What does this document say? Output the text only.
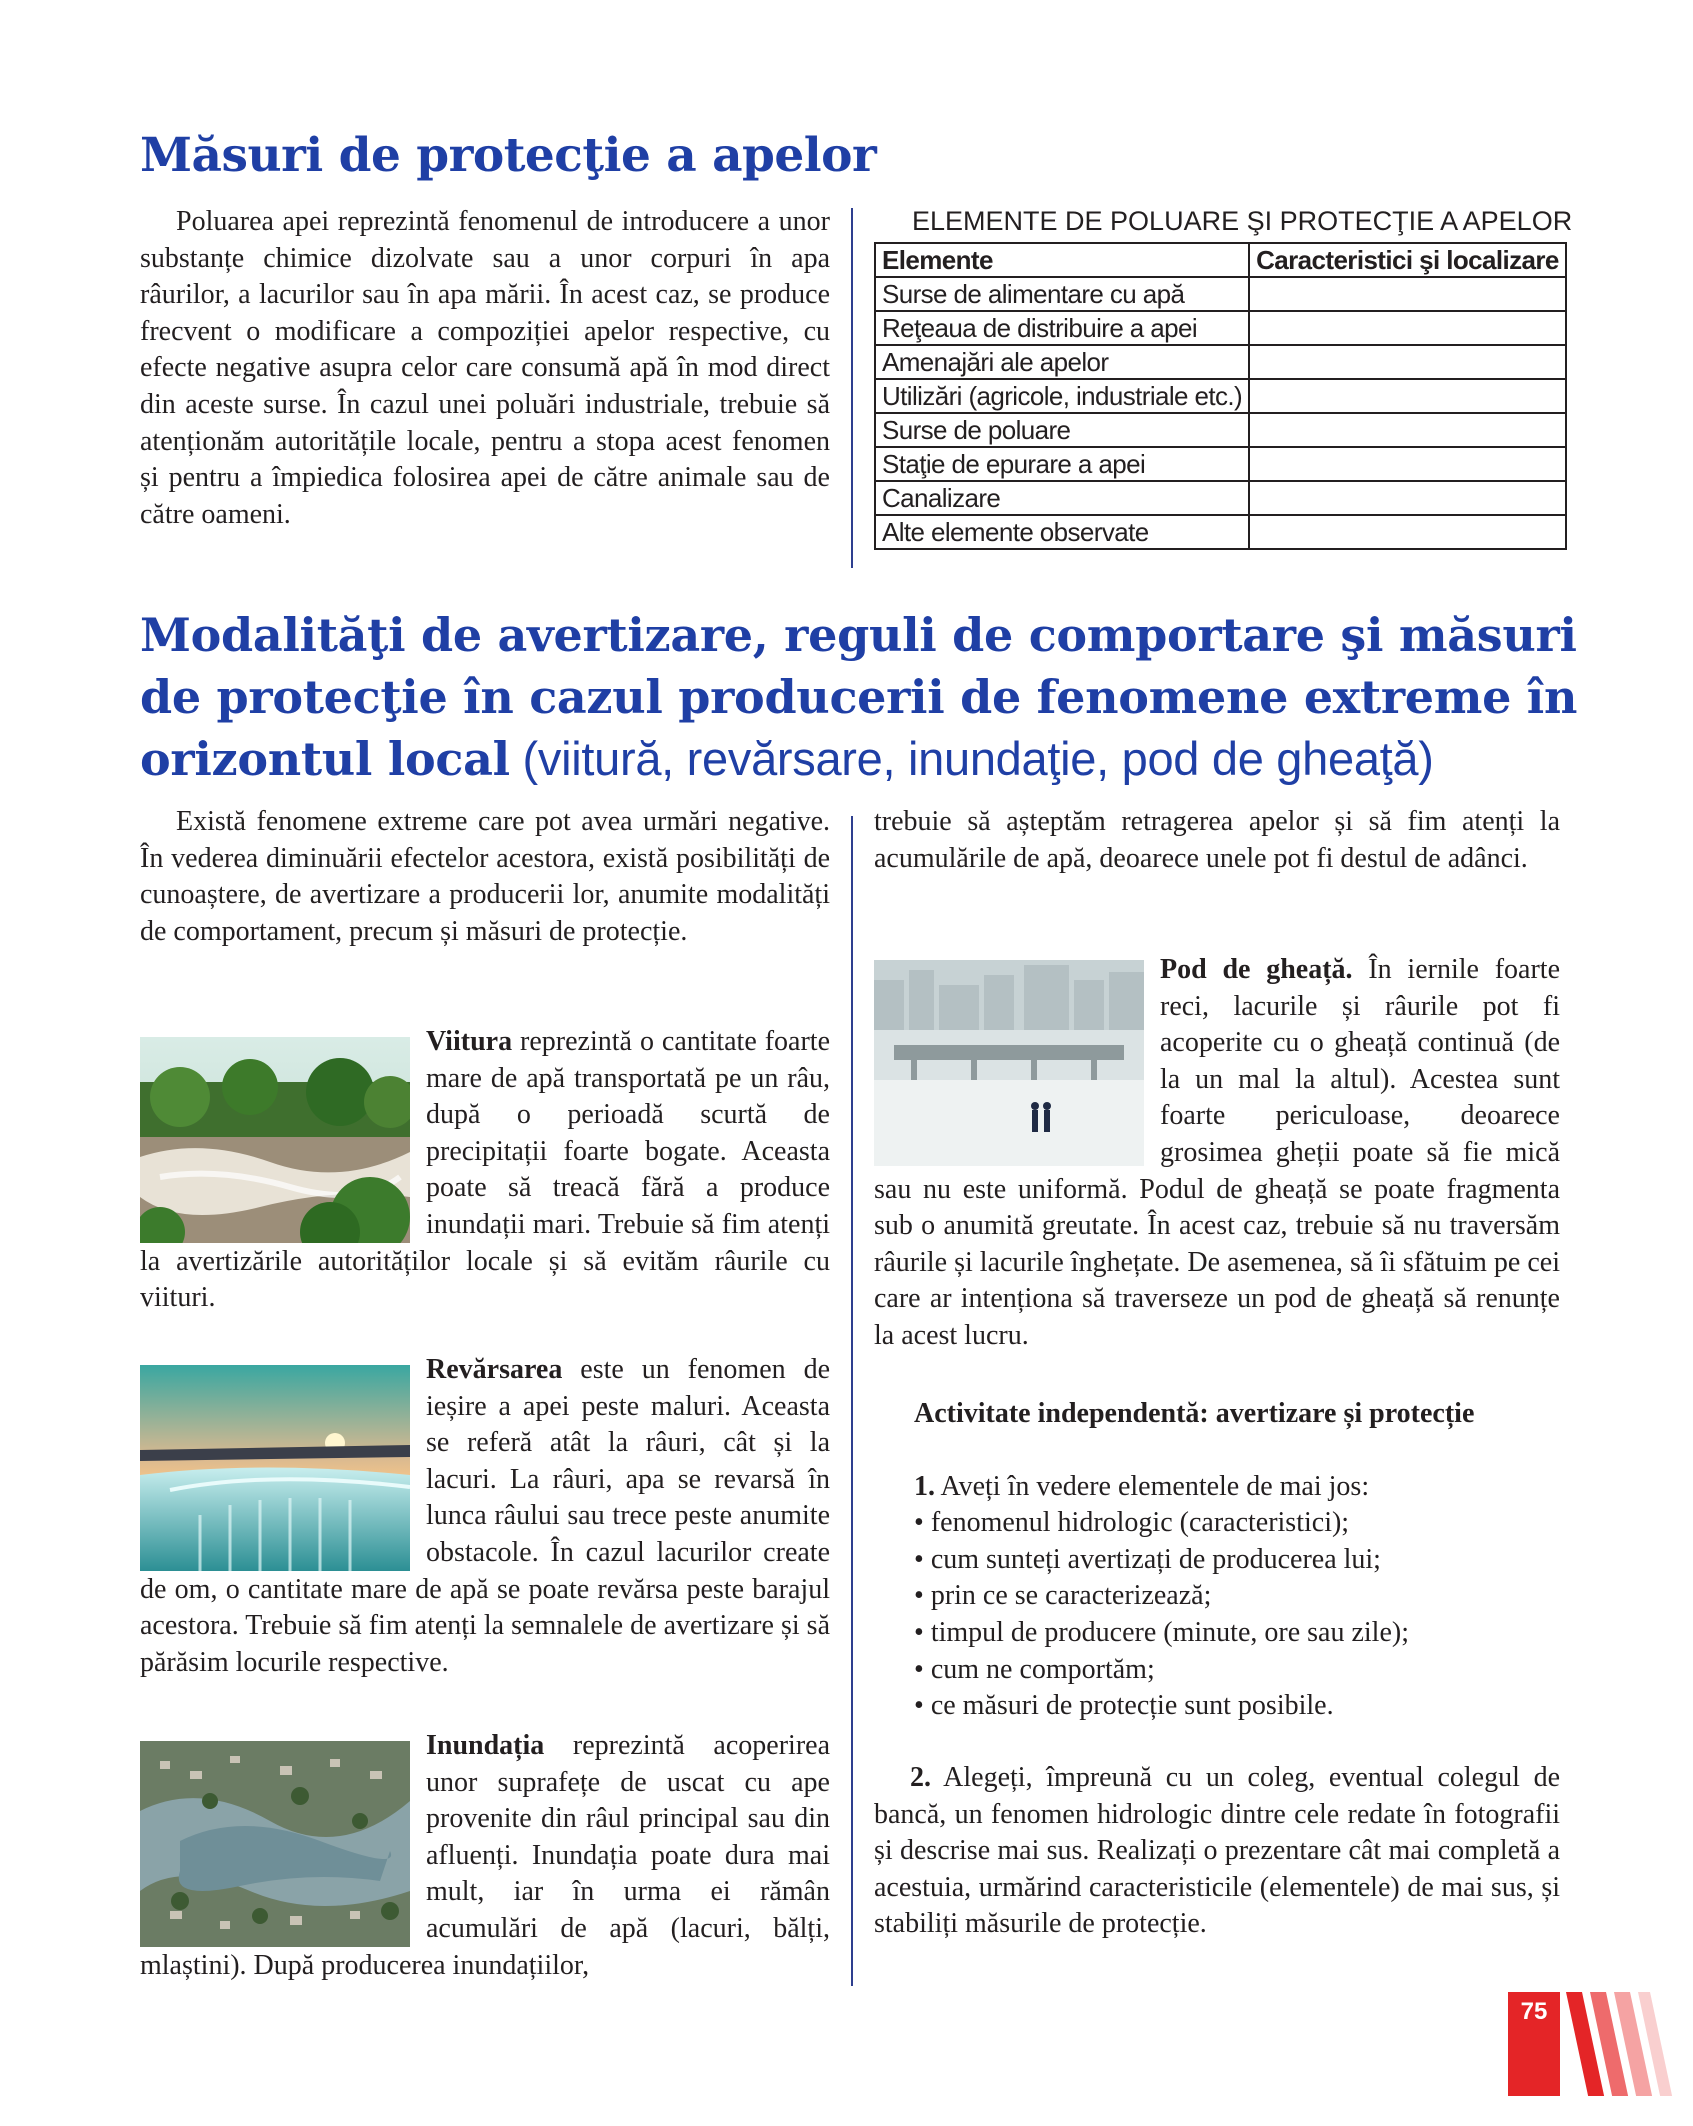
Măsuri de protecţie a apelor

Poluarea apei reprezintă fenomenul de introducere a unor substanțe chimice dizolvate sau a unor corpuri în apa râurilor, a lacurilor sau în apa mării. În acest caz, se produce frecvent o modificare a compoziției apelor respective, cu efecte negative asupra celor care consumă apă în mod direct din aceste surse. În cazul unei poluări industriale, trebuie să atenționăm autoritățile locale, pentru a stopa acest fenomen și pentru a împiedica folosirea apei de către animale sau de către oameni.

ELEMENTE DE POLUARE ŞI PROTECŢIE A APELOR
Elemente	Caracteristici şi localizare
Surse de alimentare cu apă	
Reţeaua de distribuire a apei	
Amenajări ale apelor	
Utilizări (agricole, industriale etc.)	
Surse de poluare	
Staţie de epurare a apei	
Canalizare	
Alte elemente observate	
Modalităţi de avertizare, reguli de comportare şi măsuri de protecţie în cazul producerii de fenomene extreme în orizontul local (viitură, revărsare, inundaţie, pod de gheaţă)

Există fenomene extreme care pot avea urmări negative. În vederea diminuării efectelor acestora, există posibilități de cunoaștere, de avertizare a producerii lor, anumite modalități de comportament, precum și măsuri de protecție.

Viitura reprezintă o cantitate foarte mare de apă transportată pe un râu, după o perioadă scurtă de precipitații foarte bogate. Aceasta poate să treacă fără a produce inundații mari. Trebuie să fim atenți la avertizările autorităților locale și să evităm râurile cu viituri.

Revărsarea este un fenomen de ieșire a apei peste maluri. Aceasta se referă atât la râuri, cât și la lacuri. La râuri, apa se revarsă în lunca râului sau trece peste anumite obstacole. În cazul lacurilor create de om, o cantitate mare de apă se poate revărsa peste barajul acestora. Trebuie să fim atenți la semnalele de avertizare și să părăsim locurile respective.

Inundația reprezintă acoperirea unor suprafețe de uscat cu ape provenite din râul principal sau din afluenți. Inundația poate dura mai mult, iar în urma ei rămân acumulări de apă (lacuri, bălți, mlaștini). După producerea inundațiilor,

trebuie să așteptăm retragerea apelor și să fim atenți la acumulările de apă, deoarece unele pot fi destul de adânci.

Pod de gheață. În iernile foarte reci, lacurile și râurile pot fi acoperite cu o gheață continuă (de la un mal la altul). Acestea sunt foarte periculoase, deoarece grosimea gheții poate să fie mică sau nu este uniformă. Podul de gheață se poate fragmenta sub o anumită greutate. În acest caz, trebuie să nu traversăm râurile și lacurile înghețate. De asemenea, să îi sfătuim pe cei care ar intenționa să traverseze un pod de gheață să renunțe la acest lucru.

Activitate independentă: avertizare și protecție

1. Aveți în vedere elementele de mai jos:

• fenomenul hidrologic (caracteristici);
• cum sunteți avertizați de producerea lui;
• prin ce se caracterizează;
• timpul de producere (minute, ore sau zile);
• cum ne comportăm;
• ce măsuri de protecție sunt posibile.

2. Alegeți, împreună cu un coleg, eventual colegul de bancă, un fenomen hidrologic dintre cele redate în fotografii și descrise mai sus. Realizați o prezentare cât mai completă a acestuia, urmărind caracteristicile (elementele) de mai sus, și stabiliți măsurile de protecție.

75
